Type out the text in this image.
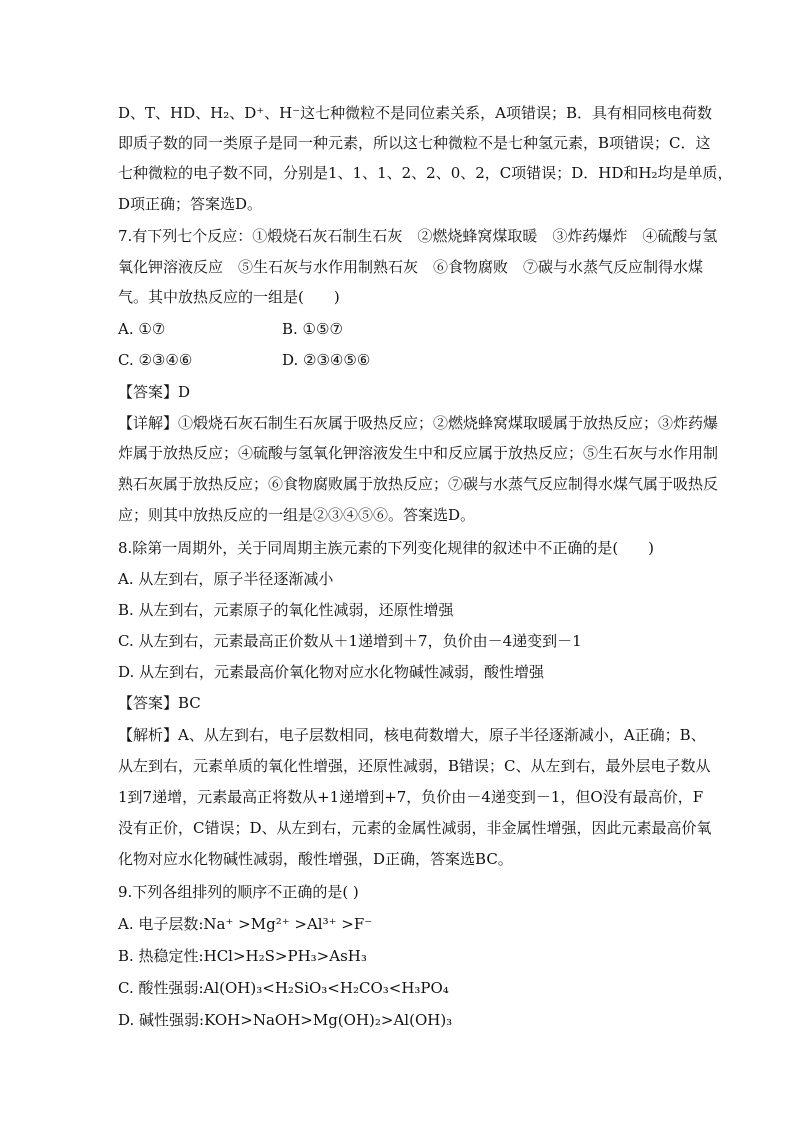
D、T、HD、H₂、D⁺、H⁻这七种微粒不是同位素关系，A项错误；B．具有相同核电荷数
即质子数的同一类原子是同一种元素，所以这七种微粒不是七种氢元素，B项错误；C．这
七种微粒的电子数不同，分别是1、1、1、2、2、0、2，C项错误；D．HD和H₂均是单质，
D项正确；答案选D。
7.有下列七个反应：①煅烧石灰石制生石灰　②燃烧蜂窝煤取暖　③炸药爆炸　④硫酸与氢
氧化钾溶液反应　⑤生石灰与水作用制熟石灰　⑥食物腐败　⑦碳与水蒸气反应制得水煤
气。其中放热反应的一组是(　　)
A. ①⑦	B. ①⑤⑦
C. ②③④⑥	D. ②③④⑤⑥
【答案】D
【详解】①煅烧石灰石制生石灰属于吸热反应；②燃烧蜂窝煤取暖属于放热反应；③炸药爆
炸属于放热反应；④硫酸与氢氧化钾溶液发生中和反应属于放热反应；⑤生石灰与水作用制
熟石灰属于放热反应；⑥食物腐败属于放热反应；⑦碳与水蒸气反应制得水煤气属于吸热反
应；则其中放热反应的一组是②③④⑤⑥。答案选D。
8.除第一周期外，关于同周期主族元素的下列变化规律的叙述中不正确的是(　　)
A. 从左到右，原子半径逐渐减小
B. 从左到右，元素原子的氧化性减弱，还原性增强
C. 从左到右，元素最高正价数从＋1递增到＋7，负价由－4递变到－1
D. 从左到右，元素最高价氧化物对应水化物碱性减弱，酸性增强
【答案】BC
【解析】A、从左到右，电子层数相同，核电荷数增大，原子半径逐渐减小，A正确；B、
从左到右，元素单质的氧化性增强，还原性减弱，B错误；C、从左到右，最外层电子数从
1到7递增，元素最高正将数从+1递增到+7，负价由－4递变到－1，但O没有最高价，F
没有正价，C错误；D、从左到右，元素的金属性减弱，非金属性增强，因此元素最高价氧
化物对应水化物碱性减弱，酸性增强，D正确，答案选BC。
9.下列各组排列的顺序不正确的是( )
A. 电子层数:Na⁺ >Mg²⁺ >Al³⁺ >F⁻
B. 热稳定性:HCl>H₂S>PH₃>AsH₃
C. 酸性强弱:Al(OH)₃<H₂SiO₃<H₂CO₃<H₃PO₄
D. 碱性强弱:KOH>NaOH>Mg(OH)₂>Al(OH)₃
